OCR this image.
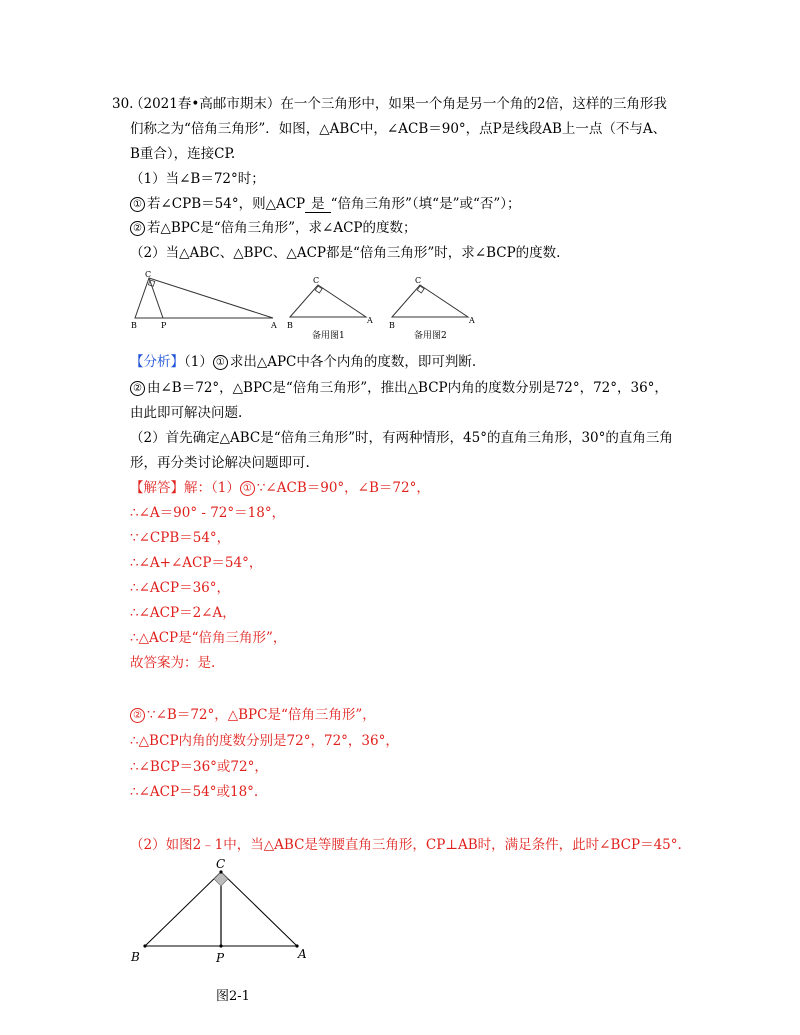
30.
（2021春•高邮市期末）在一个三角形中，如果一个角是另一个角的2倍，这样的三角形我
们称之为“倍角三角形”．如图，△ABC中，∠ACB＝90°，点P是线段AB上一点（不与A、
B重合），连接CP.
（1）当∠B＝72°时；
① 若∠CPB＝54°，则△ACP 是 “倍角三角形”（填“是”或“否”）；
② 若△BPC是“倍角三角形”，求∠ACP的度数；
（2）当△ABC、△BPC、△ACP都是“倍角三角形”时，求∠BCP的度数.
C
B	P	A
C
B
A
备用图1
C
B
A
备用图2
【分析】（1） ① 求出△APC中各个内角的度数，即可判断.
② 由∠B＝72°，△BPC是“倍角三角形”，推出△BCP内角的度数分别是72°，72°，36°，
由此即可解决问题.
（2）首先确定△ABC是“倍角三角形”时，有两种情形，45°的直角三角形，30°的直角三角
形，再分类讨论解决问题即可.
【解答】解：（1） ① ∵∠ACB＝90°，∠B＝72°，
∴∠A＝90° - 72°＝18°，
∵∠CPB＝54°，
∴∠A+∠ACP＝54°，
∴∠ACP＝36°，
∴∠ACP＝2∠A，
∴△ACP是“倍角三角形”，
故答案为：是.
② ∵∠B＝72°，△BPC是“倍角三角形”，
∴△BCP内角的度数分别是72°，72°，36°，
∴∠BCP＝36°或72°，
∴∠ACP＝54°或18°.
（2）如图2﹣1中，当△ABC是等腰直角三角形，CP⊥AB时，满足条件，此时∠BCP＝45°.
C
B	P	A
图2-1
